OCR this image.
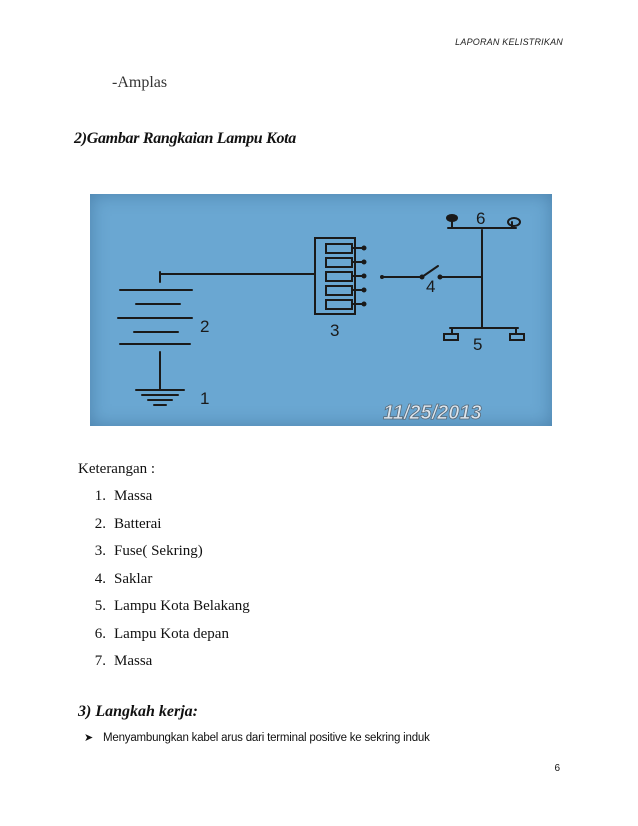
LAPORAN KELISTRIKAN
-Amplas
2)Gambar Rangkaian Lampu Kota
1
2	3
4
5
6
11/25/2013
Keterangan :
1. Massa
2. Batterai
3. Fuse( Sekring)
4. Saklar
5. Lampu Kota Belakang
6. Lampu Kota depan
7. Massa
3) Langkah kerja:
➤ Menyambungkan kabel arus dari terminal positive ke sekring induk
6
